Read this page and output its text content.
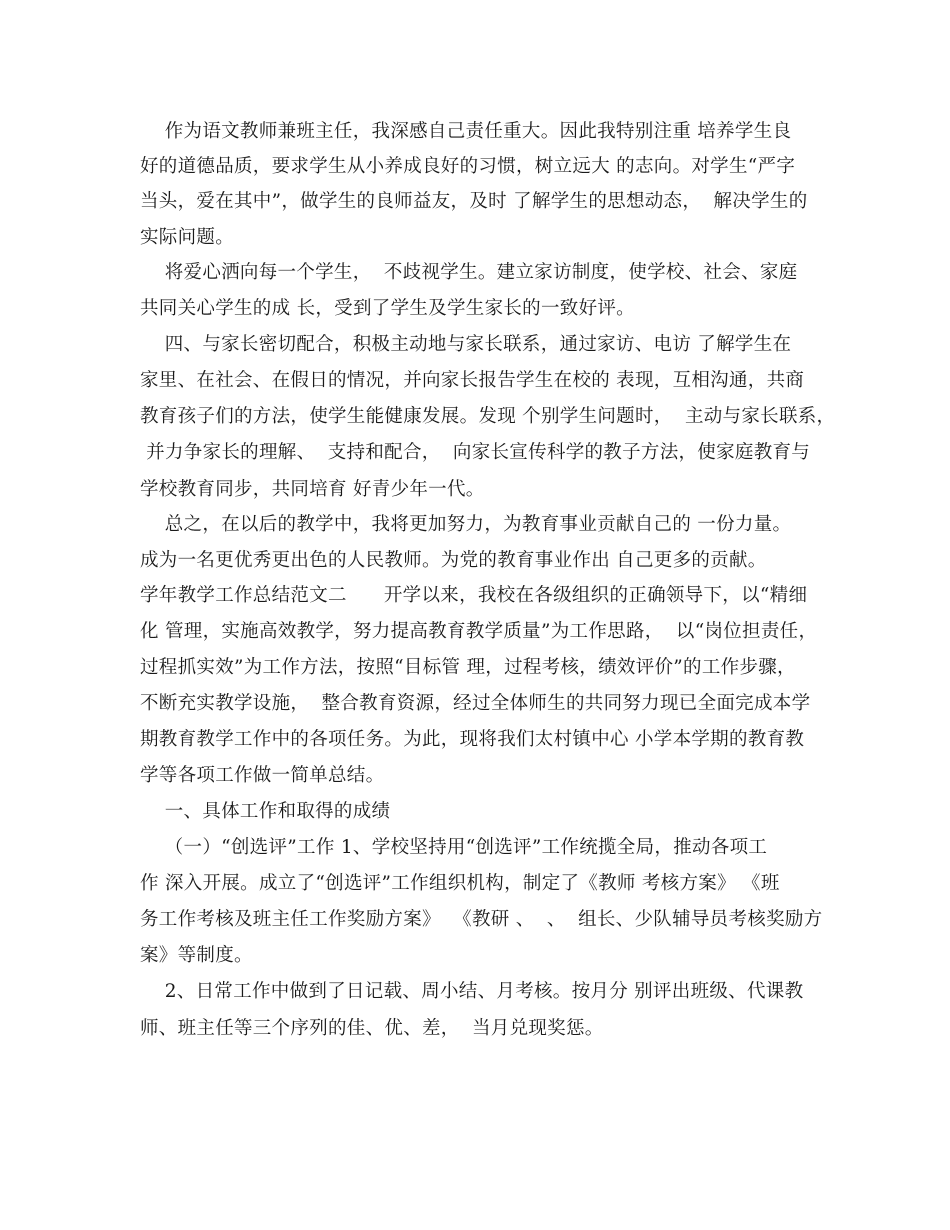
作为语文教师兼班主任，我深感自己责任重大。因此我特别注重 培养学生良
好的道德品质，要求学生从小养成良好的习惯，树立远大 的志向。对学生“严字
当头，爱在其中”，做学生的良师益友，及时 了解学生的思想动态，  解决学生的
实际问题。
将爱心洒向每一个学生，  不歧视学生。建立家访制度，使学校、社会、家庭
共同关心学生的成 长，受到了学生及学生家长的一致好评。
四、与家长密切配合，积极主动地与家长联系，通过家访、电访 了解学生在
家里、在社会、在假日的情况，并向家长报告学生在校的 表现，互相沟通，共商
教育孩子们的方法，使学生能健康发展。发现 个别学生问题时，  主动与家长联系，
并力争家长的理解、  支持和配合，  向家长宣传科学的教子方法，使家庭教育与
学校教育同步，共同培育 好青少年一代。
总之，在以后的教学中，我将更加努力，为教育事业贡献自己的 一份力量。
成为一名更优秀更出色的人民教师。为党的教育事业作出 自己更多的贡献。
学年教学工作总结范文二      开学以来，我校在各级组织的正确领导下，以“精细
化 管理，实施高效教学，努力提高教育教学质量”为工作思路，  以“岗位担责任，
过程抓实效”为工作方法，按照“目标管 理，过程考核，绩效评价”的工作步骤，
不断充实教学设施，  整合教育资源，经过全体师生的共同努力现已全面完成本学
期教育教学工作中的各项任务。为此，现将我们太村镇中心 小学本学期的教育教
学等各项工作做一简单总结。
一、具体工作和取得的成绩
（一）“创选评”工作 1、学校坚持用“创选评”工作统揽全局，推动各项工
作 深入开展。成立了“创选评”工作组织机构，制定了《教师 考核方案》 《班
务工作考核及班主任工作奖励方案》  《教研 、  、  组长、少队辅导员考核奖励方
案》等制度。
2、日常工作中做到了日记载、周小结、月考核。按月分 别评出班级、代课教
师、班主任等三个序列的佳、优、差，  当月兑现奖惩。
